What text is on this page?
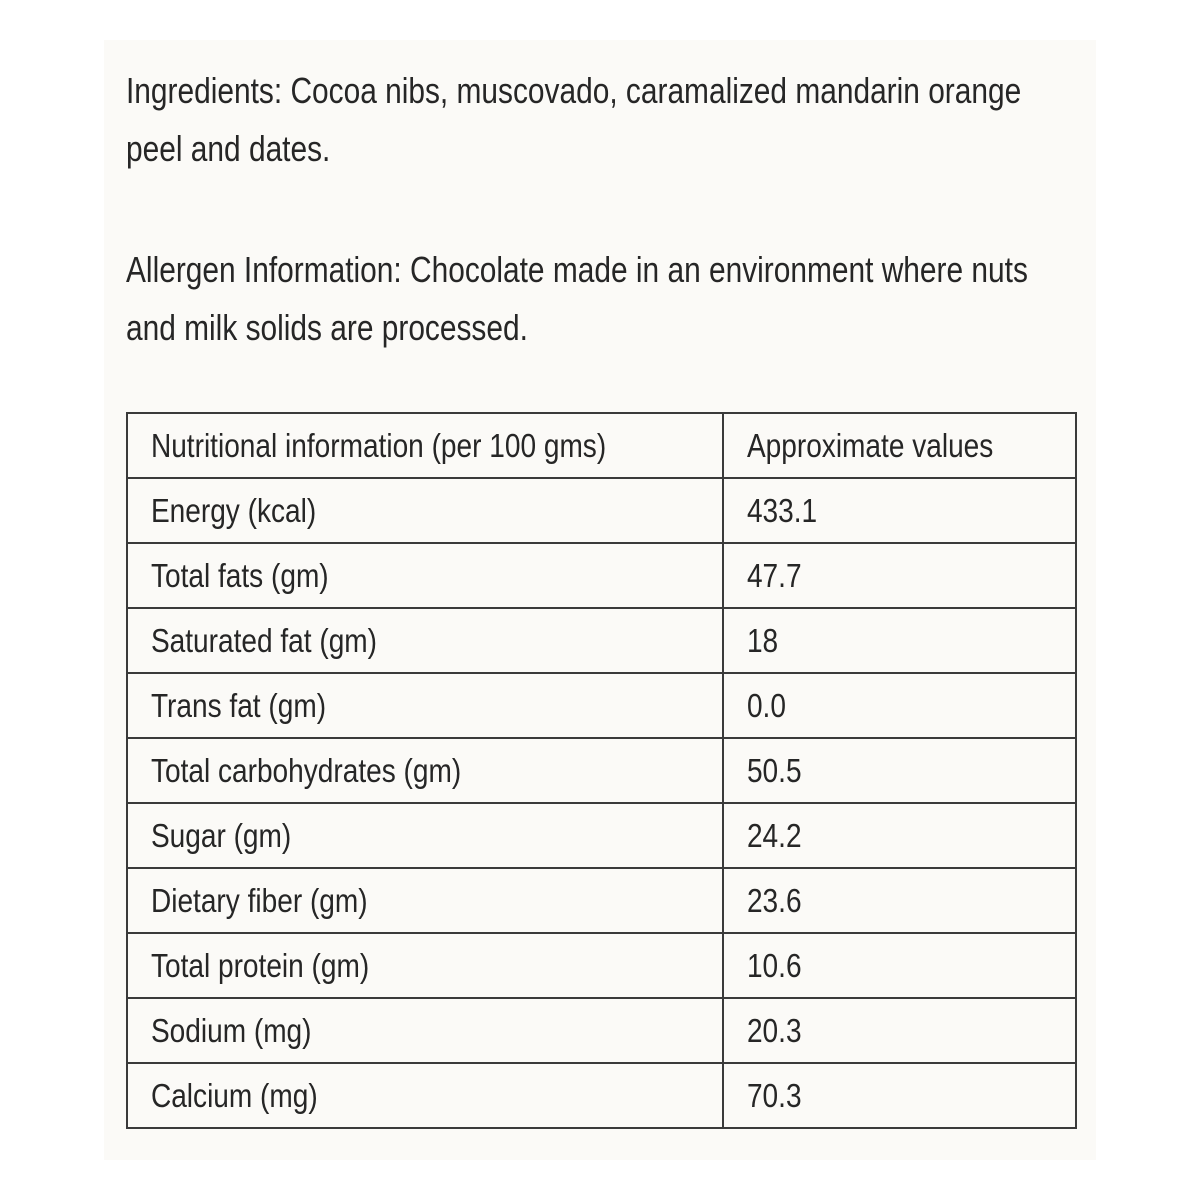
Ingredients: Cocoa nibs, muscovado, caramalized mandarin orange
peel and dates.

Allergen Information: Chocolate made in an environment where nuts
and milk solids are processed.

Nutritional information (per 100 gms)	Approximate values
Energy (kcal)	433.1
Total fats (gm)	47.7
Saturated fat (gm)	18
Trans fat (gm)	0.0
Total carbohydrates (gm)	50.5
Sugar (gm)	24.2
Dietary fiber (gm)	23.6
Total protein (gm)	10.6
Sodium (mg)	20.3
Calcium (mg)	70.3
